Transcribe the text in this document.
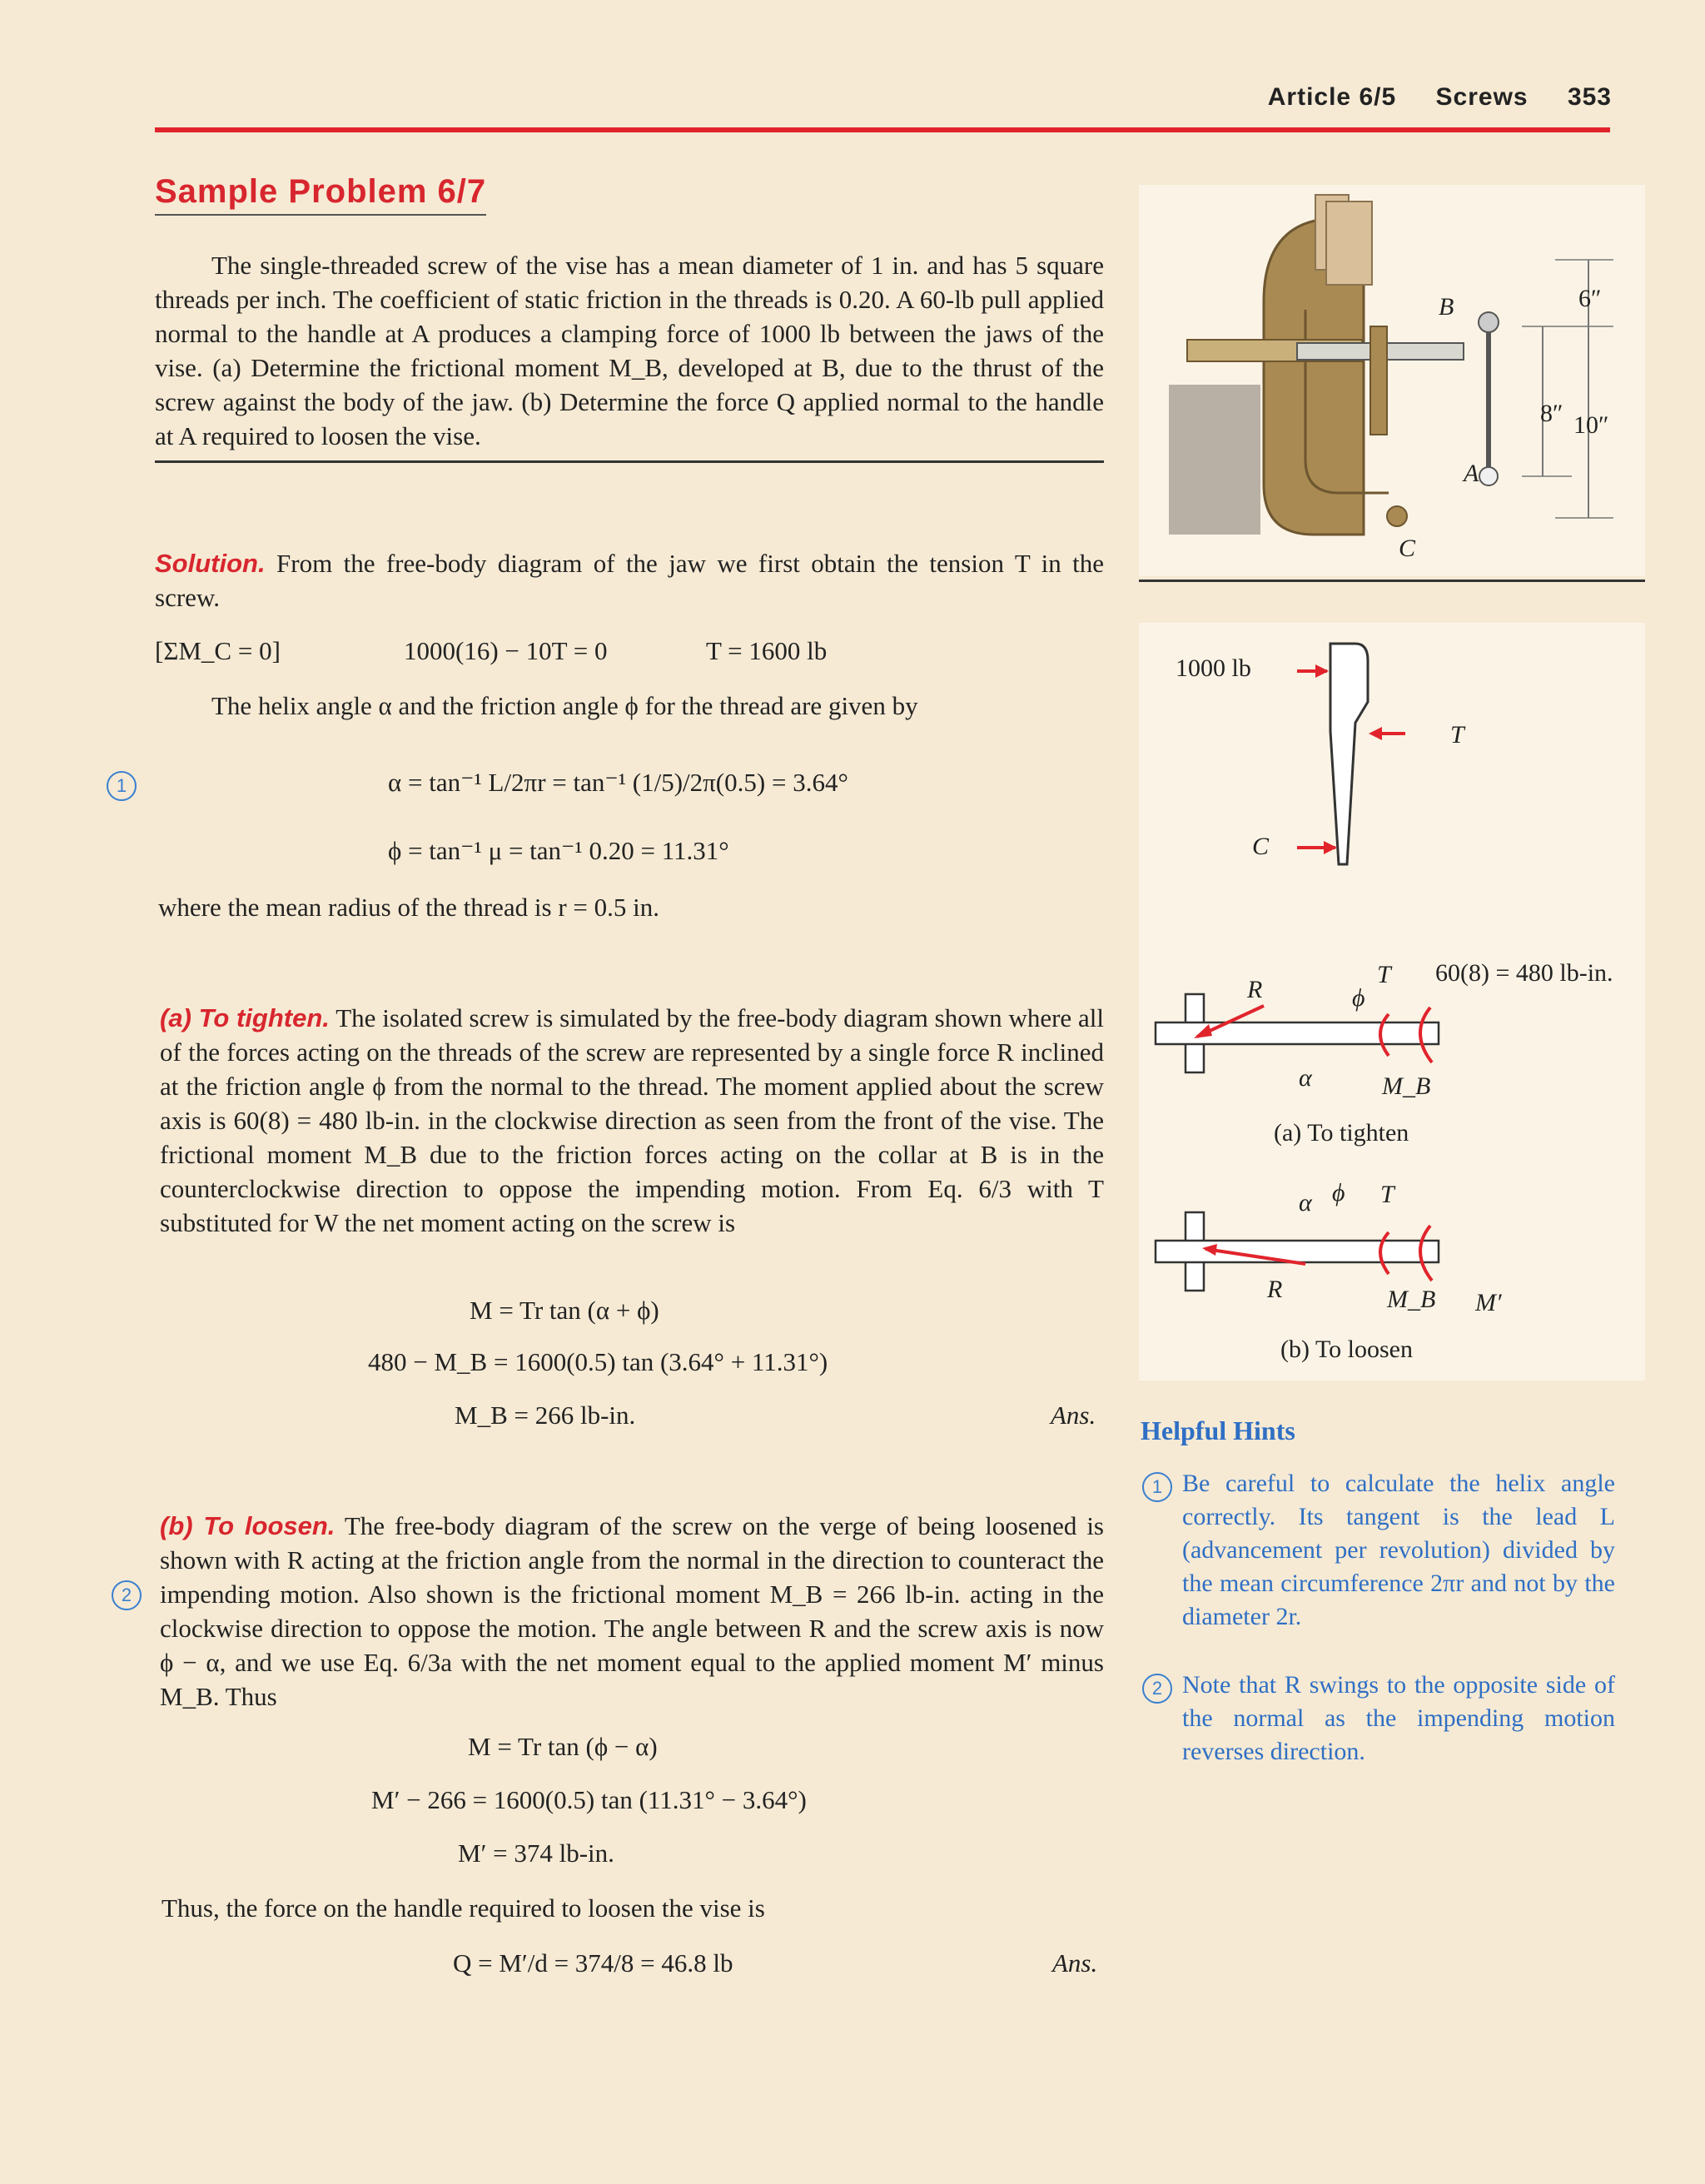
Article 6/5 Screws 353
Sample Problem 6/7
The single-threaded screw of the vise has a mean diameter of 1 in. and has 5 square threads per inch. The coefficient of static friction in the threads is 0.20. A 60-lb pull applied normal to the handle at A produces a clamping force of 1000 lb between the jaws of the vise. (a) Determine the frictional moment M_B, developed at B, due to the thrust of the screw against the body of the jaw. (b) Determine the force Q applied normal to the handle at A required to loosen the vise.
Solution. From the free-body diagram of the jaw we first obtain the tension T in the screw.
[ΣM_C = 0]	1000(16) − 10T = 0	T = 1600 lb
The helix angle α and the friction angle ϕ for the thread are given by
1	α = tan⁻¹ L/2πr = tan⁻¹ (1/5)/2π(0.5) = 3.64°
ϕ = tan⁻¹ μ = tan⁻¹ 0.20 = 11.31°
where the mean radius of the thread is r = 0.5 in.
(a) To tighten. The isolated screw is simulated by the free-body diagram shown where all of the forces acting on the threads of the screw are represented by a single force R inclined at the friction angle ϕ from the normal to the thread. The moment applied about the screw axis is 60(8) = 480 lb-in. in the clockwise direction as seen from the front of the vise. The frictional moment M_B due to the friction forces acting on the collar at B is in the counterclockwise direction to oppose the impending motion. From Eq. 6/3 with T substituted for W the net moment acting on the screw is
M = Tr tan (α + ϕ)
480 − M_B = 1600(0.5) tan (3.64° + 11.31°)
M_B = 266 lb-in.	Ans.
(b) To loosen. The free-body diagram of the screw on the verge of being loosened is shown with R acting at the friction angle from the normal in the direction to counteract the impending motion. Also shown is the frictional moment M_B = 266 lb-in. acting in the clockwise direction to oppose the motion. The angle between R and the screw axis is now ϕ − α, and we use Eq. 6/3a with the net moment equal to the applied moment M′ minus M_B. Thus
2
M = Tr tan (ϕ − α)
M′ − 266 = 1600(0.5) tan (11.31° − 3.64°)
M′ = 374 lb-in.
Thus, the force on the handle required to loosen the vise is
Q = M′/d = 374/8 = 46.8 lb	Ans.
B
A
C
6″
8″ 10″
1000 lb
T
C
R
T
ϕ
α	M_B
60(8) = 480 lb-in.
(a) To tighten
α ϕ T
R	M_B M′
(b) To loosen
Helpful Hints
1 Be careful to calculate the helix angle correctly. Its tangent is the lead L (advancement per revolution) divided by the mean circumference 2πr and not by the diameter 2r.
2 Note that R swings to the opposite side of the normal as the impending motion reverses direction.
